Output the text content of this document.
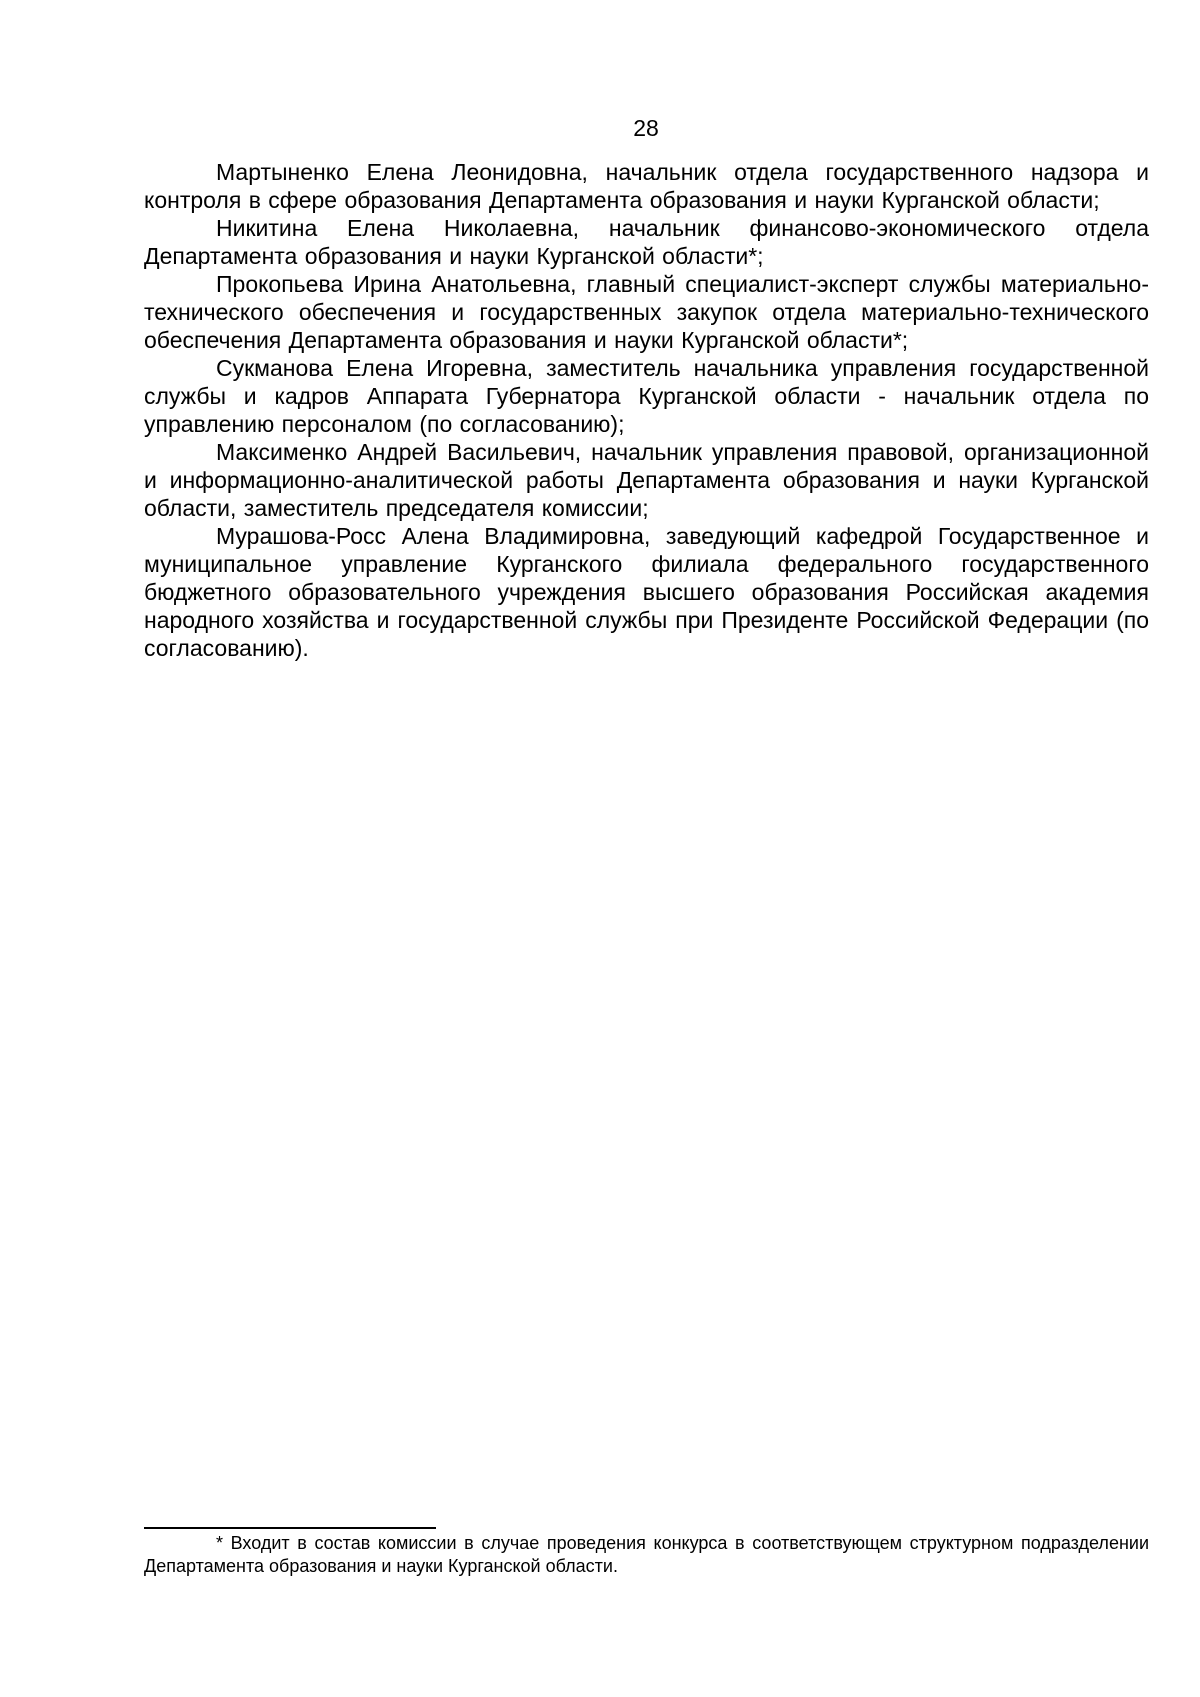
28

Мартыненко Елена Леонидовна, начальник отдела государственного надзора и контроля в сфере образования Департамента образования и науки Курганской области;

Никитина Елена Николаевна, начальник финансово-экономического отдела Департамента образования и науки Курганской области*;

Прокопьева Ирина Анатольевна, главный специалист-эксперт службы материально-технического обеспечения и государственных закупок отдела материально-технического обеспечения Департамента образования и науки Курганской области*;

Сукманова Елена Игоревна, заместитель начальника управления государственной службы и кадров Аппарата Губернатора Курганской области - начальник отдела по управлению персоналом (по согласованию);

Максименко Андрей Васильевич, начальник управления правовой, организационной и информационно-аналитической работы Департамента образования и науки Курганской области, заместитель председателя комиссии;

Мурашова-Росс Алена Владимировна, заведующий кафедрой Государственное и муниципальное управление Курганского филиала федерального государственного бюджетного образовательного учреждения высшего образования Российская академия народного хозяйства и государственной службы при Президенте Российской Федерации (по согласованию).

* Входит в состав комиссии в случае проведения конкурса в соответствующем структурном подразделении Департамента образования и науки Курганской области.
